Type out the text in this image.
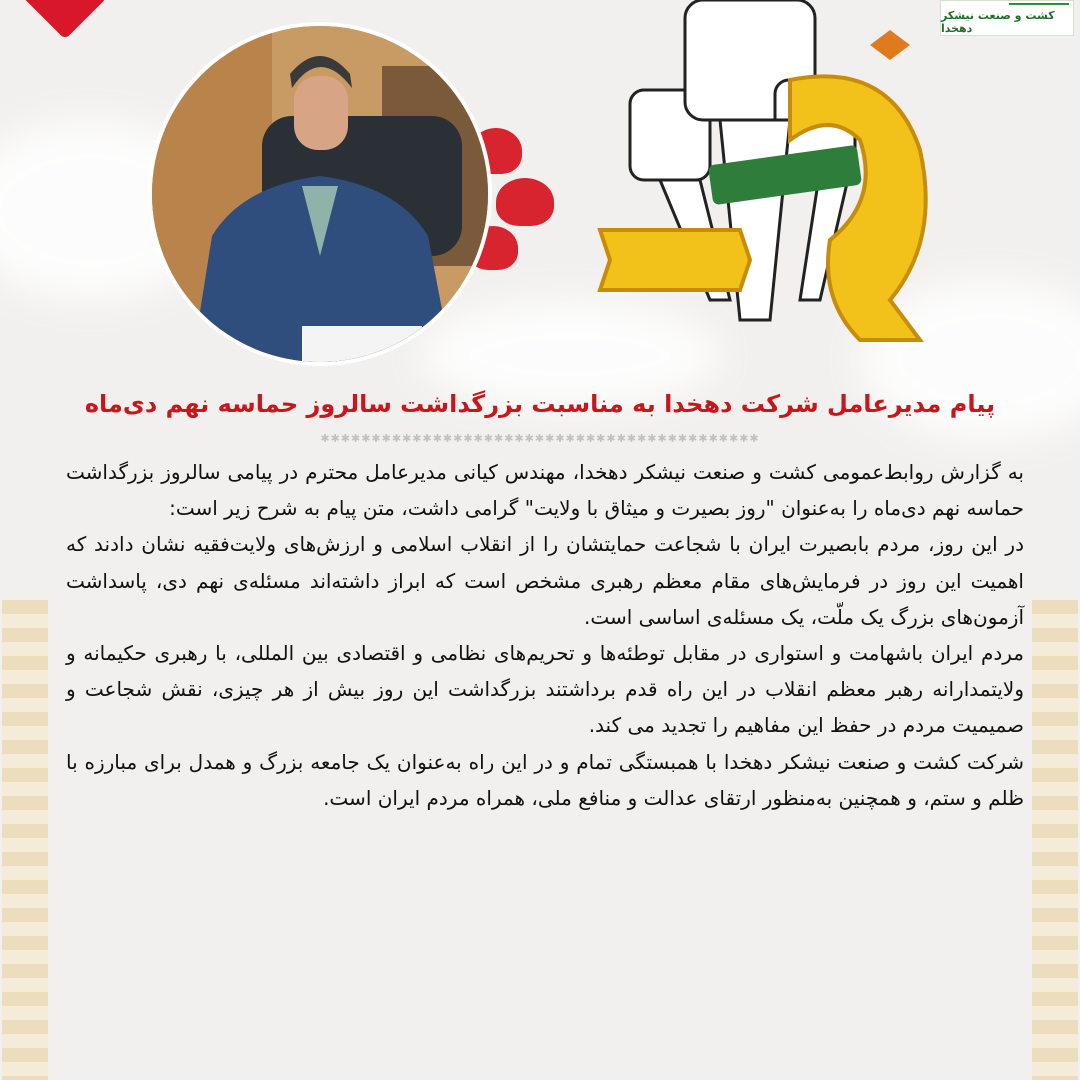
کشت و صنعت نیشکر دهخدا
پیام مدیرعامل شرکت دهخدا به مناسبت بزرگداشت سالروز حماسه نهم دی‌ماه
✱✱✱✱✱✱✱✱✱✱✱✱✱✱✱✱✱✱✱✱✱✱✱✱✱✱✱✱✱✱✱✱✱✱✱✱✱✱✱✱✱✱✱

به گزارش روابط‌عمومی کشت و صنعت نیشکر دهخدا، مهندس کیانی مدیرعامل محترم در پیامی سالروز بزرگداشت حماسه نهم دی‌ماه را به‌عنوان "روز بصیرت و میثاق با ولایت" گرامی داشت، متن پیام به شرح زیر است:

در این روز، مردم بابصیرت ایران با شجاعت حمایتشان را از انقلاب اسلامی و ارزش‌های ولایت‌فقیه نشان دادند که اهمیت این روز در فرمایش‌های مقام معظم رهبری مشخص است که ابراز داشته‌اند مسئله‌ی نهم دی، پاسداشت آزمون‌های بزرگ یک ملّت، یک مسئله‌ی اساسی است.

مردم ایران باشهامت و استواری در مقابل توطئه‌ها و تحریم‌های نظامی و اقتصادی بین المللی، با رهبری حکیمانه و ولایتمدارانه رهبر معظم انقلاب در این راه قدم برداشتند بزرگداشت این روز بیش از هر چیزی، نقش شجاعت و صمیمیت مردم در حفظ این مفاهیم را تجدید می کند.

شرکت کشت و صنعت نیشکر دهخدا با همبستگی تمام و در این راه به‌عنوان یک جامعه بزرگ و همدل برای مبارزه با ظلم و ستم، و همچنین به‌منظور ارتقای عدالت و منافع ملی، همراه مردم ایران است.
